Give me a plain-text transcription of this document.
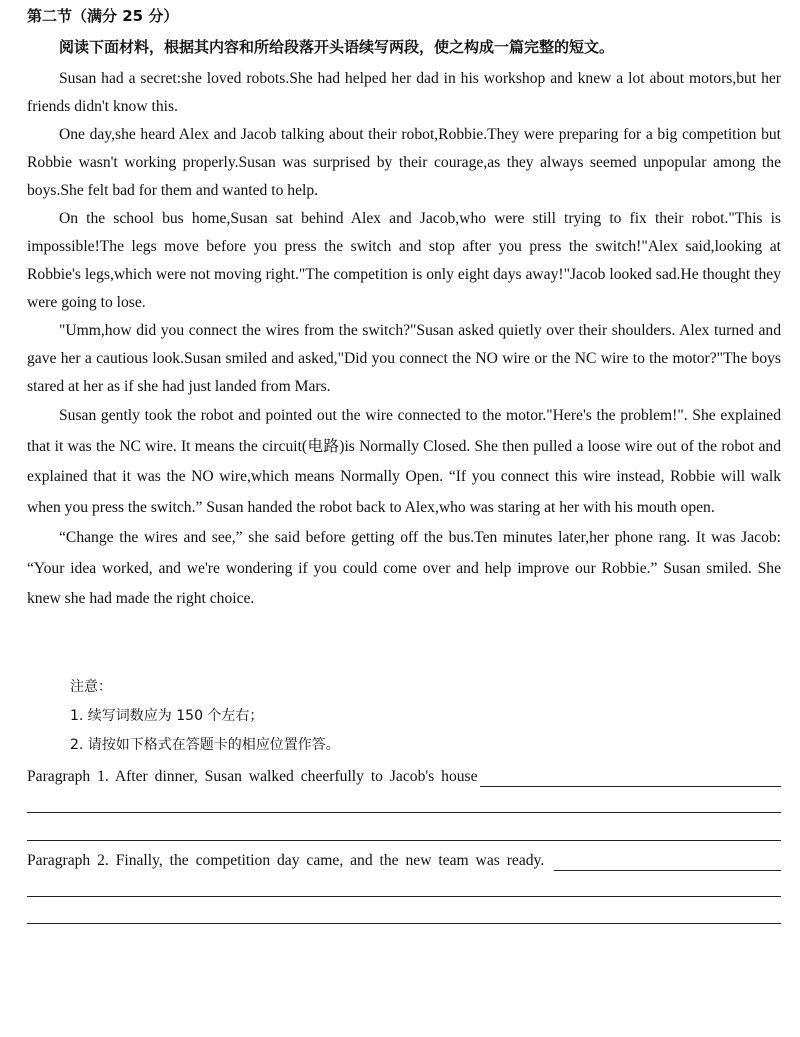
第二节（满分 25 分）
阅读下面材料，根据其内容和所给段落开头语续写两段，使之构成一篇完整的短文。

Susan had a secret:she loved robots.She had helped her dad in his workshop and knew a lot about motors,but her friends didn't know this.

One day,she heard Alex and Jacob talking about their robot,Robbie.They were preparing for a big competition but Robbie wasn't working properly.Susan was surprised by their courage,as they always seemed unpopular among the boys.She felt bad for them and wanted to help.

On the school bus home,Susan sat behind Alex and Jacob,who were still trying to fix their robot."This is impossible!The legs move before you press the switch and stop after you press the switch!"Alex said,looking at Robbie's legs,which were not moving right."The competition is only eight days away!"Jacob looked sad.He thought they were going to lose.

"Umm,how did you connect the wires from the switch?"Susan asked quietly over their shoulders. Alex turned and gave her a cautious look.Susan smiled and asked,"Did you connect the NO wire or the NC wire to the motor?"The boys stared at her as if she had just landed from Mars.

Susan gently took the robot and pointed out the wire connected to the motor."Here's the problem!". She explained that it was the NC wire. It means the circuit(电路)is Normally Closed. She then pulled a loose wire out of the robot and explained that it was the NO wire,which means Normally Open. “If you connect this wire instead, Robbie will walk when you press the switch.” Susan handed the robot back to Alex,who was staring at her with his mouth open.

“Change the wires and see,” she said before getting off the bus.Ten minutes later,her phone rang. It was Jacob: “Your idea worked, and we're wondering if you could come over and help improve our Robbie.” Susan smiled. She knew she had made the right choice.

注意：
1. 续写词数应为 150 个左右；
2. 请按如下格式在答题卡的相应位置作答。
Paragraph 1. After dinner, Susan walked cheerfully to Jacob's house
Paragraph 2. Finally, the competition day came, and the new team was ready.
